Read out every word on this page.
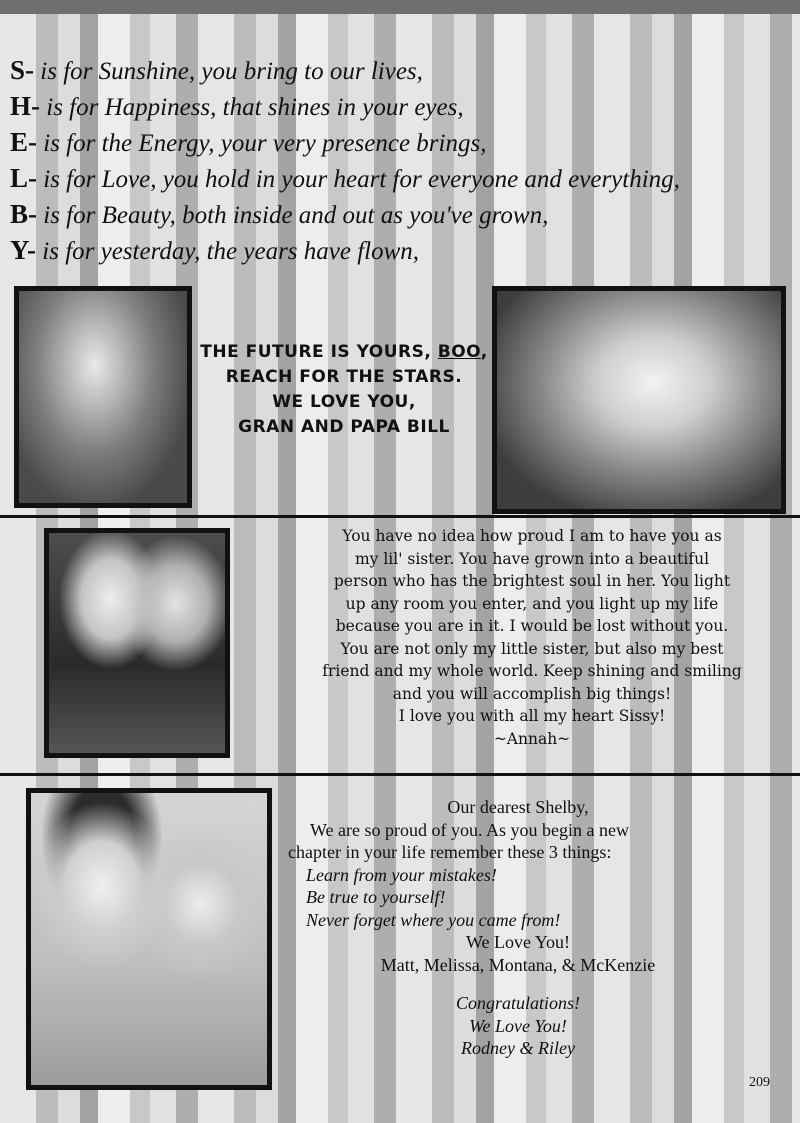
S- is for Sunshine, you bring to our lives,
H- is for Happiness, that shines in your eyes,
E- is for the Energy, your very presence brings,
L- is for Love, you hold in your heart for everyone and everything,
B- is for Beauty, both inside and out as you've grown,
Y- is for yesterday, the years have flown,
THE FUTURE IS YOURS, BOO,
REACH FOR THE STARS.
WE LOVE YOU,
GRAN AND PAPA BILL
You have no idea how proud I am to have you as
my lil' sister. You have grown into a beautiful
person who has the brightest soul in her. You light
up any room you enter, and you light up my life
because you are in it. I would be lost without you.
You are not only my little sister, but also my best
friend and my whole world. Keep shining and smiling
and you will accomplish big things!
I love you with all my heart Sissy!
~Annah~
Our dearest Shelby,
We are so proud of you. As you begin a new
chapter in your life remember these 3 things:
Learn from your mistakes!
Be true to yourself!
Never forget where you came from!
We Love You!
Matt, Melissa, Montana, & McKenzie
Congratulations!
We Love You!
Rodney & Riley
209
